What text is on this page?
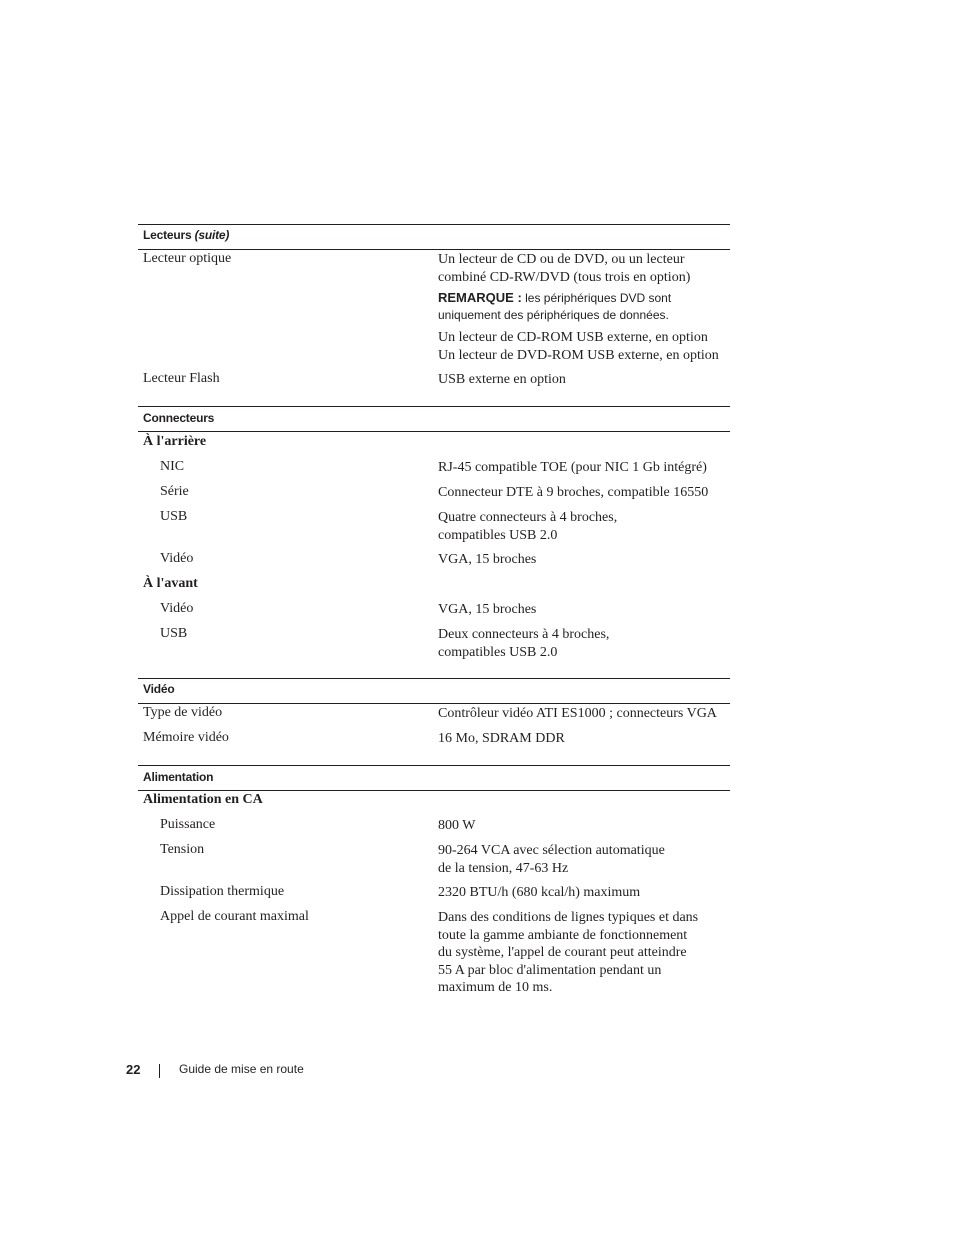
Lecteurs (suite)
Lecteur optique	Un lecteur de CD ou de DVD, ou un lecteur
combiné CD-RW/DVD (tous trois en option)
REMARQUE : les périphériques DVD sont
uniquement des périphériques de données.
Un lecteur de CD-ROM USB externe, en option
Un lecteur de DVD-ROM USB externe, en option
Lecteur Flash	USB externe en option
Connecteurs
À l'arrière
NIC	RJ-45 compatible TOE (pour NIC 1 Gb intégré)
Série	Connecteur DTE à 9 broches, compatible 16550
USB	Quatre connecteurs à 4 broches,
compatibles USB 2.0
Vidéo	VGA, 15 broches
À l'avant
Vidéo	VGA, 15 broches
USB	Deux connecteurs à 4 broches,
compatibles USB 2.0
Vidéo
Type de vidéo	Contrôleur vidéo ATI ES1000 ; connecteurs VGA
Mémoire vidéo	16 Mo, SDRAM DDR
Alimentation
Alimentation en CA
Puissance	800 W
Tension	90-264 VCA avec sélection automatique
de la tension, 47-63 Hz
Dissipation thermique	2320 BTU/h (680 kcal/h) maximum
Appel de courant maximal	Dans des conditions de lignes typiques et dans
toute la gamme ambiante de fonctionnement
du système, l'appel de courant peut atteindre
55 A par bloc d'alimentation pendant un
maximum de 10 ms.
22	Guide de mise en route
